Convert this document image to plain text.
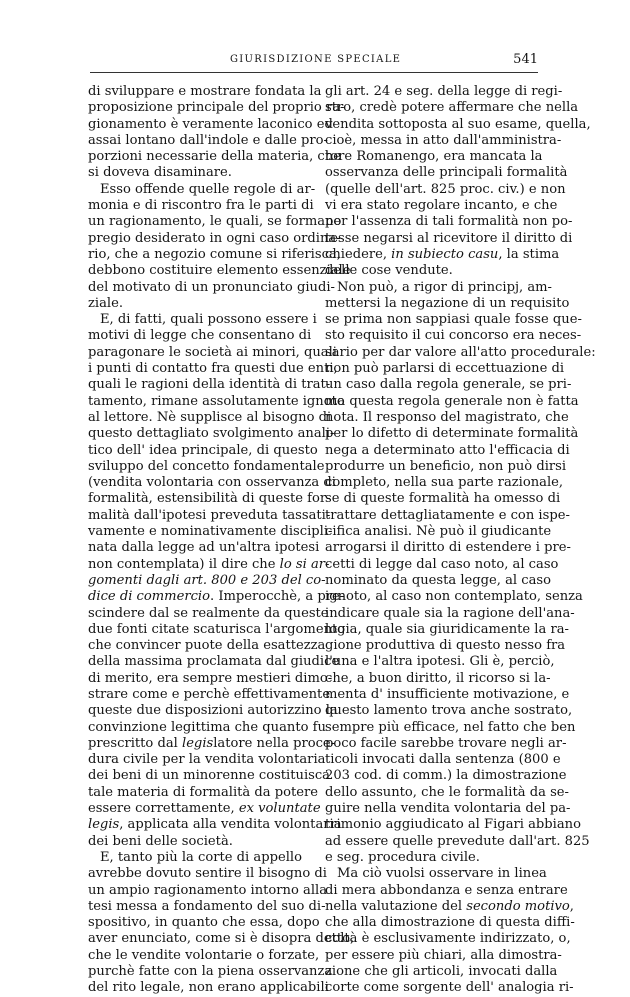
GIURISDIZIONE SPECIALE	541
di svilupparе e mostrare fondata la
proposizione principale del proprio ra-
gionamento è veramente laconico ed
assai lontano dall'indole e dalle pro-
porzioni necessarie della materia, che
si doveva disaminare.
Esso offende quelle regole di ar-
monia e di riscontro fra le parti di
un ragionamento, le quali, se formano
pregio desiderato in ogni caso ordina-
rio, che a negozio comune si riferisca,
debbono costituire elemento essenziale
del motivato di un pronunciato giudi-
ziale.
E, di fatti, quali possono essere i
motivi di legge che consentano di
paragonare le società ai minori, quali
i punti di contatto fra questi due enti,
quali le ragioni della identità di trat-
tamento, rimane assolutamente ignoto
al lettore. Nè supplisce al bisogno di
questo dettagliato svolgimento anali-
tico dell' idea principale, di questo
sviluppo del concetto fondamentale
(vendita volontaria con osservanza di
formalità, estensibilità di queste for-
malità dall'ipotesi preveduta tassati-
vamente e nominativamente discipli-
nata dalla legge ad un'altra ipotesi
non contemplata) il dire che lo si ar-
gomenti dagli art. 800 e 203 del co-
dice di commercio. Imperocchè, a pre-
scindere dal se realmente da queste
due fonti citate scaturisca l'argomento
che convincer puote della esattezza
della massima proclamata dal giudice
di merito, era sempre mestieri dimo-
strare come e perchè effettivamente
queste due disposizioni autorizzino la
convinzione legittima che quanto fu
prescritto dal legislatore nella proce-
dura civile per la vendita volontaria
dei beni di un minorenne costituisca
tale materia di formalità da potere
essere correttamente, ex voluntate
legis, applicata alla vendita volontaria
dei beni delle società.
E, tanto più la corte di appello
avrebbe dovuto sentire il bisogno di
un ampio ragionamento intorno alla
tesi messa a fondamento del suo di-
spositivo, in quanto che essa, dopo
aver enunciato, come si è disopra detto,
che le vendite volontarie o forzate,
purchè fatte con la piena osservanza
del rito legale, non erano applicabili
gli art. 24 e seg. della legge di regi-
stro, credè potere affermare che nella
vendita sottoposta al suo esame, quella,
cioè, messa in atto dall'amministra-
tore Romanengo, era mancata la
osservanza delle principali formalità
(quelle dell'art. 825 proc. civ.) e non
vi era stato regolare incanto, e che
per l'assenza di tali formalità non po-
tesse negarsi al ricevitore il diritto di
chiedere, in subiecto casu, la stima
delle cose vendute.
Non può, a rigor di principj, am-
mettersi la negazione di un requisito
se prima non sappiasi quale fosse que-
sto requisito il cui concorso era neces-
sario per dar valore all'atto procedurale:
non può parlarsi di eccettuazione di
un caso dalla regola generale, se pri-
ma questa regola generale non è fatta
nota. Il responso del magistrato, che
per lo difetto di determinate formalità
nega a determinato atto l'efficacia di
produrre un beneficio, non può dirsi
completo, nella sua parte razionale,
se di queste formalità ha omesso di
trattare dettagliatamente e con ispe-
cifica analisi. Nè può il giudicante
arrogarsi il diritto di estendere i pre-
cetti di legge dal caso noto, al caso
nominato da questa legge, al caso
ignoto, al caso non contemplato, senza
indicare quale sia la ragione dell'ana-
logia, quale sia giuridicamente la ra-
gione produttiva di questo nesso fra
l'una e l'altra ipotesi. Gli è, perciò,
che, a buon diritto, il ricorso si la-
menta d' insufficiente motivazione, e
questo lamento trova anche sostrato,
sempre più efficace, nel fatto che ben
poco facile sarebbe trovare negli ar-
ticoli invocati dalla sentenza (800 e
203 cod. di comm.) la dimostrazione
dello assunto, che le formalità da se-
guire nella vendita volontaria del pa-
trimonio aggiudicato al Figari abbiano
ad essere quelle prevedute dall'art. 825
e seg. procedura civile.
Ma ciò vuolsi osservare in linea
di mera abbondanza e senza entrare
nella valutazione del secondo motivo,
che alla dimostrazione di questa diffi-
coltà è esclusivamente indirizzato, o,
per essere più chiari, alla dimostra-
zione che gli articoli, invocati dalla
corte come sorgente dell' analogia ri-
